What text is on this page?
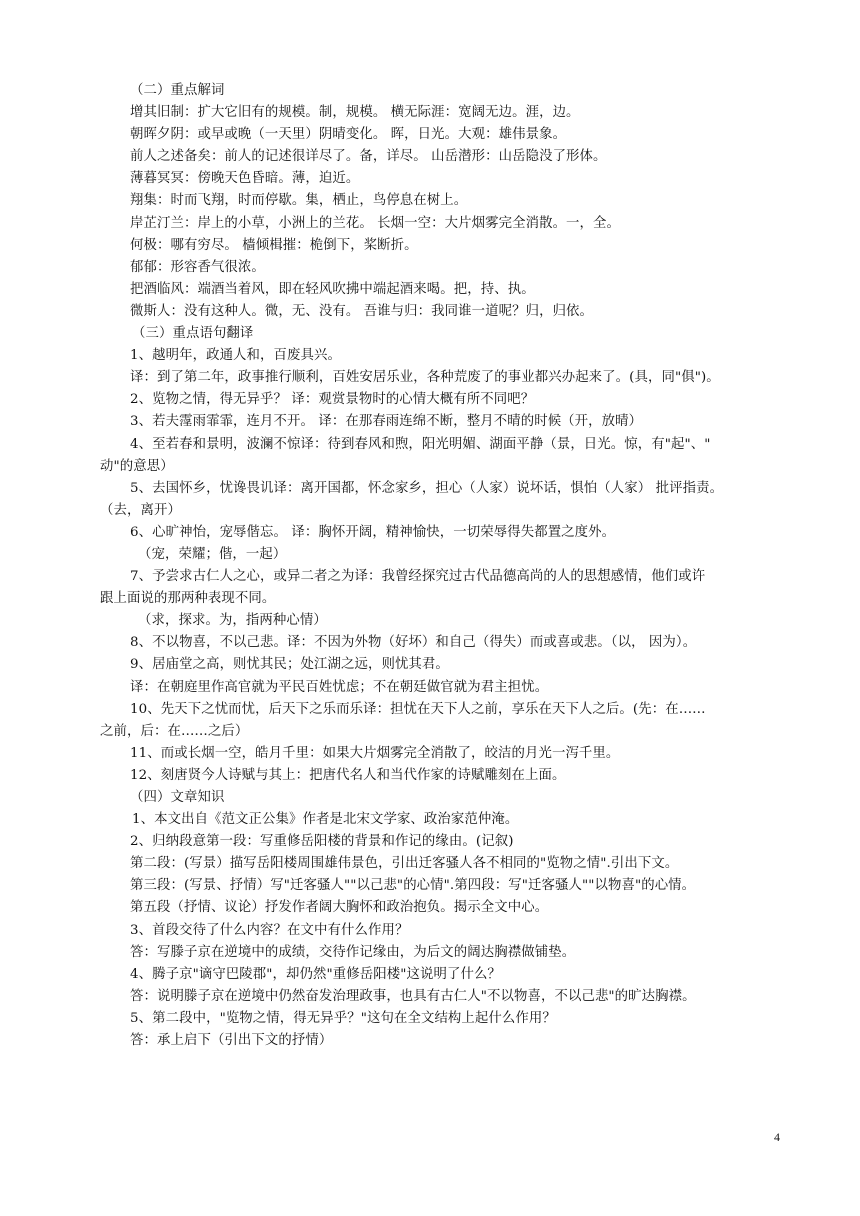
（二）重点解词
增其旧制：扩大它旧有的规模。制，规模。 横无际涯：宽阔无边。涯，边。
朝晖夕阴：或早或晚（一天里）阴晴变化。 晖，日光。大观：雄伟景象。
前人之述备矣：前人的记述很详尽了。备，详尽。 山岳潜形：山岳隐没了形体。
薄暮冥冥：傍晚天色昏暗。薄，迫近。
翔集：时而飞翔，时而停歇。集，栖止，鸟停息在树上。
岸芷汀兰：岸上的小草，小洲上的兰花。 长烟一空：大片烟雾完全消散。一，全。
何极：哪有穷尽。 樯倾楫摧：桅倒下，桨断折。
郁郁：形容香气很浓。
把酒临风：端酒当着风，即在轻风吹拂中端起酒来喝。把，持、执。
微斯人：没有这种人。微，无、没有。 吾谁与归：我同谁一道呢？归，归依。
（三）重点语句翻译
1、越明年，政通人和，百废具兴。
译：到了第二年，政事推行顺利，百姓安居乐业，各种荒废了的事业都兴办起来了。(具，同"俱")。
2、览物之情，得无异乎？ 译：观赏景物时的心情大概有所不同吧？
3、若夫霪雨霏霏，连月不开。 译：在那春雨连绵不断，整月不晴的时候（开，放晴）
4、至若春和景明，波澜不惊译：待到春风和煦，阳光明媚、湖面平静（景，日光。惊，有"起"、"
动"的意思）
5、去国怀乡，忧谗畏讥译：离开国都，怀念家乡，担心（人家）说坏话，惧怕（人家） 批评指责。
（去，离开）
6、心旷神怡，宠辱偕忘。 译：胸怀开阔，精神愉快，一切荣辱得失都置之度外。
（宠，荣耀；偕，一起）
7、予尝求古仁人之心，或异二者之为译：我曾经探究过古代品德高尚的人的思想感情，他们或许
跟上面说的那两种表现不同。
（求，探求。为，指两种心情）
8、不以物喜，不以己悲。译：不因为外物（好坏）和自己（得失）而或喜或悲。（以， 因为）。
9、居庙堂之高，则忧其民；处江湖之远，则忧其君。
译：在朝庭里作高官就为平民百姓忧虑；不在朝廷做官就为君主担忧。
10、先天下之忧而忧，后天下之乐而乐译：担忧在天下人之前，享乐在天下人之后。(先：在……
之前，后：在……之后）
11、而或长烟一空，皓月千里：如果大片烟雾完全消散了，皎洁的月光一泻千里。
12、刻唐贤今人诗赋与其上：把唐代名人和当代作家的诗赋雕刻在上面。
（四）文章知识
1、本文出自《范文正公集》作者是北宋文学家、政治家范仲淹。
2、归纳段意第一段：写重修岳阳楼的背景和作记的缘由。(记叙)
第二段：(写景）描写岳阳楼周围雄伟景色，引出迁客骚人各不相同的"览物之情".引出下文。
第三段：(写景、抒情）写"迁客骚人""以己悲"的心情".第四段：写"迁客骚人""以物喜"的心情。
第五段（抒情、议论）抒发作者阔大胸怀和政治抱负。揭示全文中心。
3、首段交待了什么内容？在文中有什么作用？
答：写滕子京在逆境中的成绩，交待作记缘由，为后文的阔达胸襟做铺垫。
4、腾子京"谪守巴陵郡"，却仍然"重修岳阳楼"这说明了什么？
答：说明滕子京在逆境中仍然奋发治理政事，也具有古仁人"不以物喜，不以己悲"的旷达胸襟。
5、第二段中，"览物之情，得无异乎？"这句在全文结构上起什么作用？
答：承上启下（引出下文的抒情）
4
